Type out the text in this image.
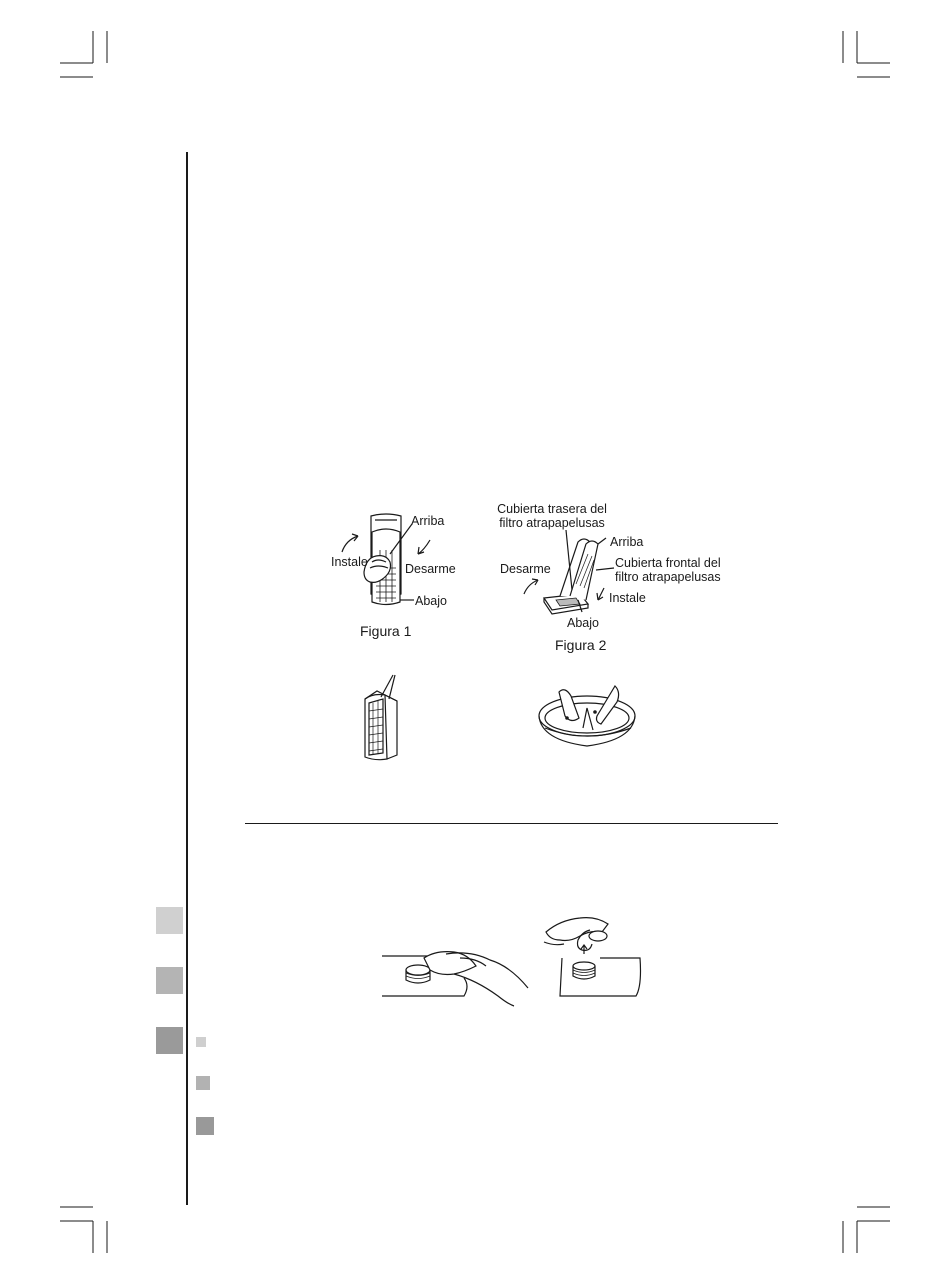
Arriba
Instale	Desarme
Abajo
Figura 1
Cubierta trasera del
filtro atrapapelusas
Arriba
Cubierta frontal del
filtro atrapapelusas
Desarme
Instale
Abajo
Figura 2
